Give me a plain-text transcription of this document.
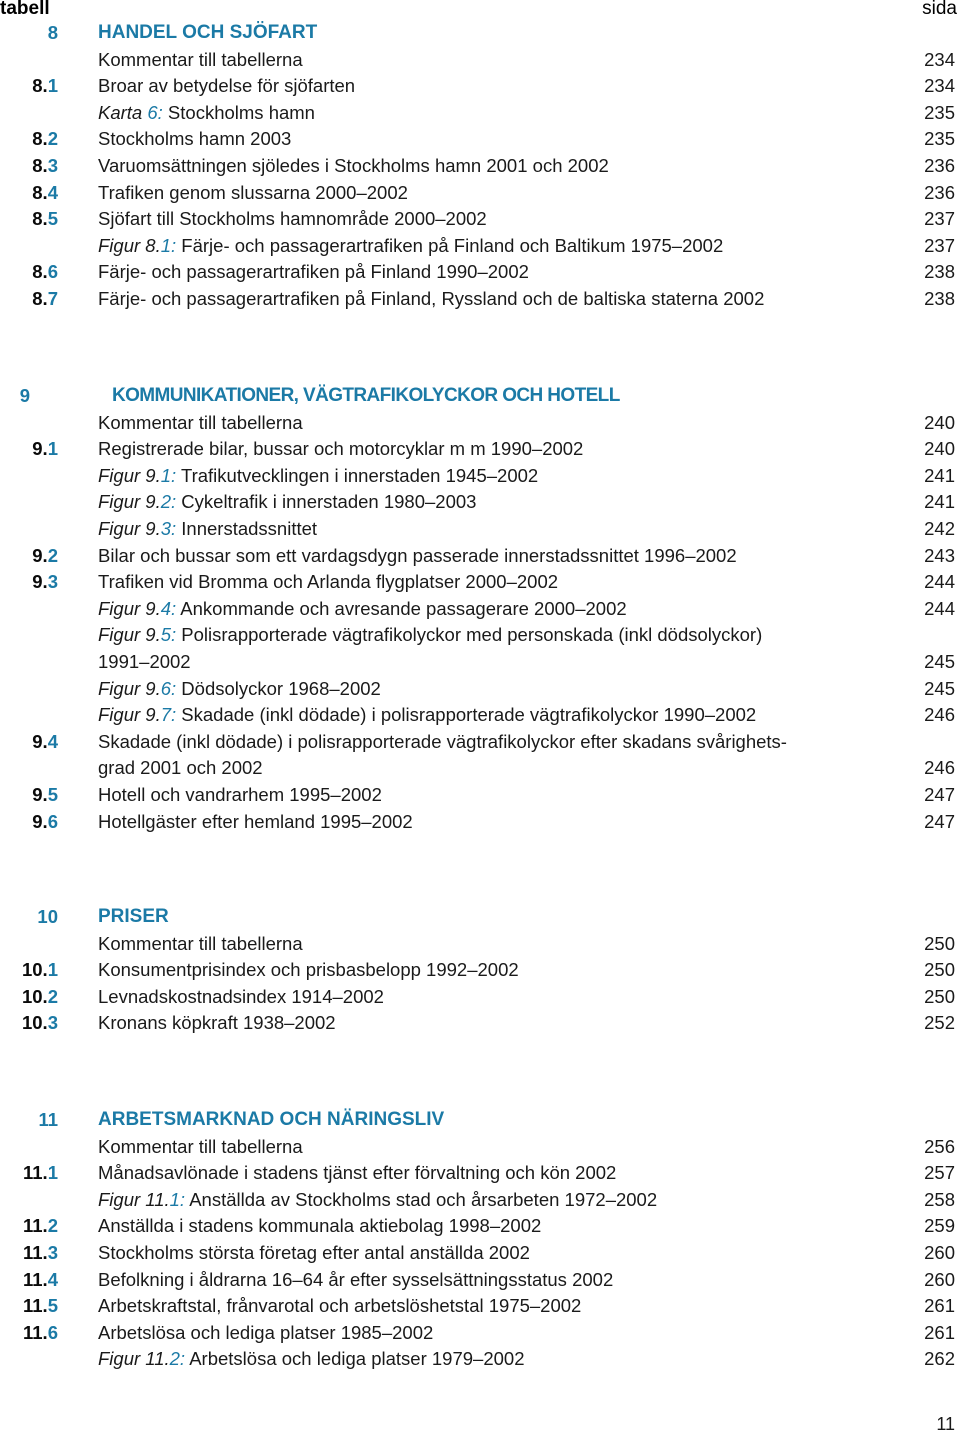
tabell	sida
8 HANDEL OCH SJÖFART
Kommentar till tabellerna	234
8.1 Broar av betydelse för sjöfarten	234
Karta 6: Stockholms hamn	235
8.2 Stockholms hamn 2003	235
8.3 Varuomsättningen sjöledes i Stockholms hamn 2001 och 2002	236
8.4 Trafiken genom slussarna 2000–2002	236
8.5 Sjöfart till Stockholms hamnområde 2000–2002	237
Figur 8.1: Färje- och passagerartrafiken på Finland och Baltikum 1975–2002	237
8.6 Färje- och passagerartrafiken på Finland 1990–2002	238
8.7 Färje- och passagerartrafiken på Finland, Ryssland och de baltiska staterna 2002	238
9	KOMMUNIKATIONER, VÄGTRAFIKOLYCKOR OCH HOTELL
Kommentar till tabellerna	240
9.1 Registrerade bilar, bussar och motorcyklar m m 1990–2002	240
Figur 9.1: Trafikutvecklingen i innerstaden 1945–2002	241
Figur 9.2: Cykeltrafik i innerstaden 1980–2003	241
Figur 9.3: Innerstadssnittet	242
9.2 Bilar och bussar som ett vardagsdygn passerade innerstadssnittet 1996–2002	243
9.3 Trafiken vid Bromma och Arlanda flygplatser 2000–2002	244
Figur 9.4: Ankommande och avresande passagerare 2000–2002	244
Figur 9.5: Polisrapporterade vägtrafikolyckor med personskada (inkl dödsolyckor)
1991–2002	245
Figur 9.6: Dödsolyckor 1968–2002	245
Figur 9.7: Skadade (inkl dödade) i polisrapporterade vägtrafikolyckor 1990–2002	246
9.4 Skadade (inkl dödade) i polisrapporterade vägtrafikolyckor efter skadans svårighets-
grad 2001 och 2002	246
9.5 Hotell och vandrarhem 1995–2002	247
9.6 Hotellgäster efter hemland 1995–2002	247
10 PRISER
Kommentar till tabellerna	250
10.1 Konsumentprisindex och prisbasbelopp 1992–2002	250
10.2 Levnadskostnadsindex 1914–2002	250
10.3 Kronans köpkraft 1938–2002	252
11 ARBETSMARKNAD OCH NÄRINGSLIV
Kommentar till tabellerna	256
11.1 Månadsavlönade i stadens tjänst efter förvaltning och kön 2002	257
Figur 11.1: Anställda av Stockholms stad och årsarbeten 1972–2002	258
11.2 Anställda i stadens kommunala aktiebolag 1998–2002	259
11.3 Stockholms största företag efter antal anställda 2002	260
11.4 Befolkning i åldrarna 16–64 år efter sysselsättningsstatus 2002	260
11.5 Arbetskraftstal, frånvarotal och arbetslöshetstal 1975–2002	261
11.6 Arbetslösa och lediga platser 1985–2002	261
Figur 11.2: Arbetslösa och lediga platser 1979–2002	262
11
